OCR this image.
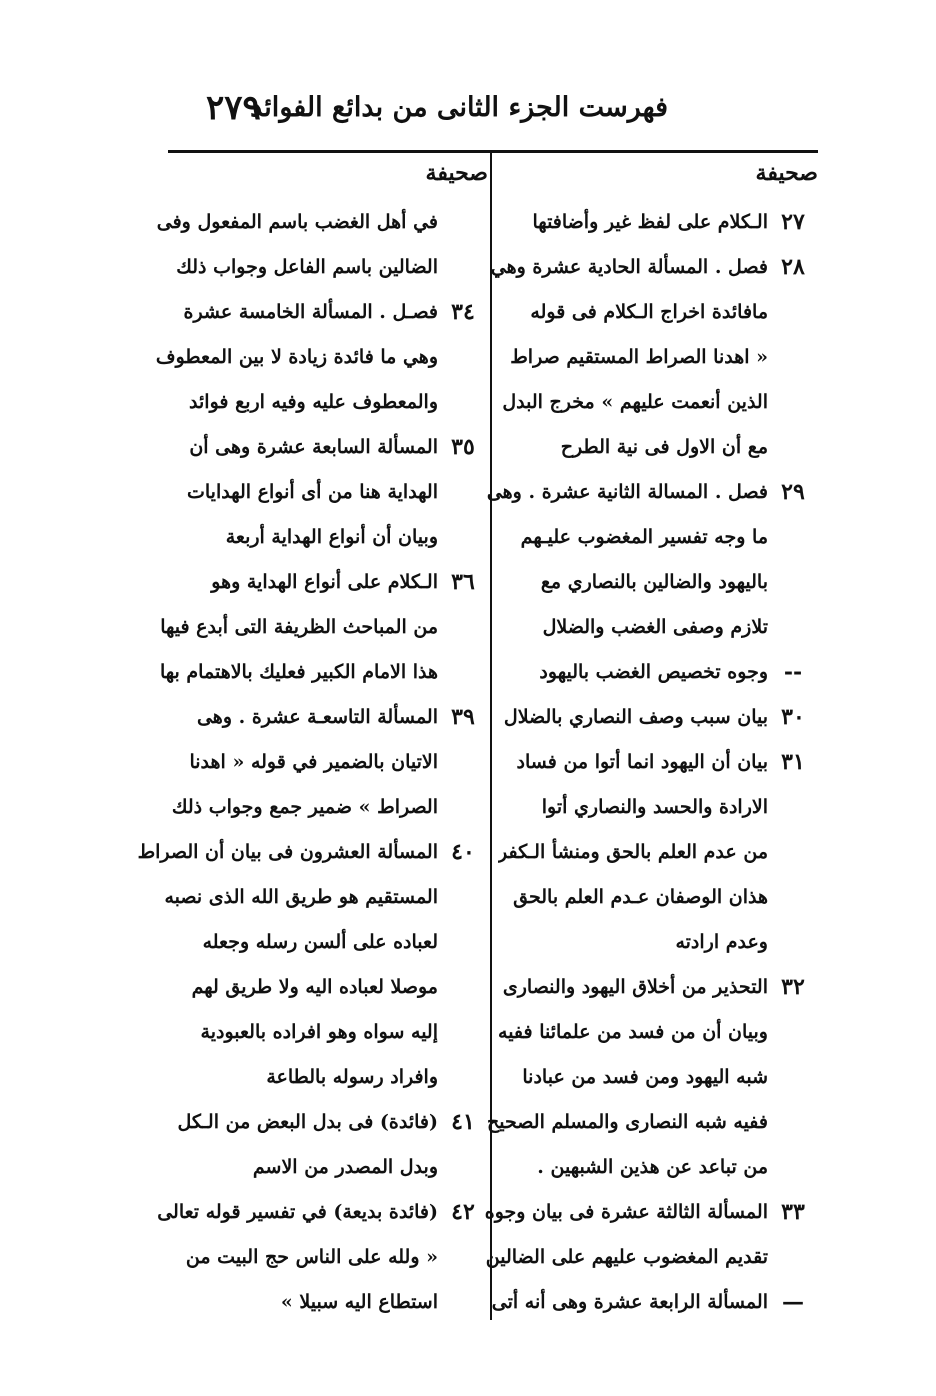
فهرست الجزء الثانى من بدائع الفوائد
٢٧٩
صحيفة
٢٧
الـكلام على لفظ غير وأضافتها
٢٨
فصل . المسألة الحادية عشرة وهي
مافائدة اخراج الـكلام فى قوله
« اهدنا الصراط المستقيم صراط
الذين أنعمت عليهم » مخرج البدل
مع أن الاول فى نية الطرح
٢٩
فصل . المسالة الثانية عشرة . وهى
ما وجه تفسير المغضوب عليـهم
باليهود والضالين بالنصاري مع
تلازم وصفى الغضب والضلال
--
وجوه تخصيص الغضب باليهود
٣٠
بيان سبب وصف النصاري بالضلال
٣١
بيان أن اليهود انما أتوا من فساد
الارادة والحسد والنصاري أتوا
من عدم العلم بالحق ومنشأ الـكفر
هذان الوصفان عـدم العلم بالحق
وعدم ارادته
٣٢
التحذير من أخلاق اليهود والنصارى
وبيان أن من فسد من علمائنا ففيه
شبه اليهود ومن فسد من عبادنا
ففيه شبه النصارى والمسلم الصحيح
من تباعد عن هذين الشبهين .
٣٣
المسألة الثالثة عشرة فى بيان وجوه
تقديم المغضوب عليهم على الضالين
—
المسألة الرابعة عشرة وهى أنه أتى
صحيفة
في أهل الغضب باسم المفعول وفى
الضالين باسم الفاعل وجواب ذلك
٣٤
فصـل . المسألة الخامسة عشرة
وهي ما فائدة زيادة لا بين المعطوف
والمعطوف عليه وفيه اربع فوائد
٣٥
المسألة السابعة عشرة وهى أن
الهداية هنا من أى أنواع الهدايات
وبيان أن أنواع الهداية أربعة
٣٦
الـكلام على أنواع الهداية وهو
من المباحث الظريفة التى أبدع فيها
هذا الامام الكبير فعليك بالاهتمام بها
٣٩
المسألة التاسعـة عشرة . وهى
الاتيان بالضمير في قوله « اهدنا
الصراط » ضمير جمع وجواب ذلك
٤٠
المسألة العشرون فى بيان أن الصراط
المستقيم هو طريق الله الذى نصبه
لعباده على ألسن رسله وجعله
موصلا لعباده اليه ولا طريق لهم
إليه سواه وهو افراده بالعبودية
وافراد رسوله بالطاعة
٤١
(فائدة) فى بدل البعض من الـكل
وبدل المصدر من الاسم
٤٢
(فائدة بديعة) في تفسير قوله تعالى
« ولله على الناس حج البيت من
استطاع اليه سبيلا »
